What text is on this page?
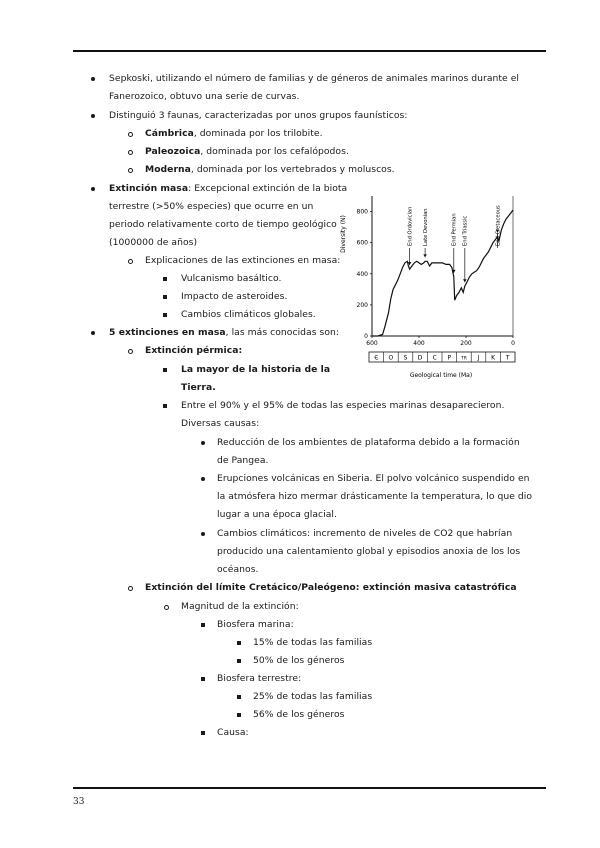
Sepkoski, utilizando el número de familias y de géneros de animales marinos durante el
Fanerozoico, obtuvo una serie de curvas.
Distinguió 3 faunas, caracterizadas por unos grupos faunísticos:
Cámbrica, dominada por los trilobite.
Paleozoica, dominada por los cefalópodos.
Moderna, dominada por los vertebrados y moluscos.
Extinción masa: Excepcional extinción de la biota
terrestre (>50% especies) que ocurre en un
periodo relativamente corto de tiempo geológico
(1000000 de años)
Explicaciones de las extinciones en masa:
Vulcanismo basáltico.
Impacto de asteroides.
Cambios climáticos globales.
5 extinciones en masa, las más conocidas son:
Extinción pérmica:
La mayor de la historia de la
Tierra.
Entre el 90% y el 95% de todas las especies marinas desaparecieron.
Diversas causas:
Reducción de los ambientes de plataforma debido a la formación
de Pangea.
Erupciones volcánicas en Siberia. El polvo volcánico suspendido en
la atmósfera hizo mermar drásticamente la temperatura, lo que dio
lugar a una época glacial.
Cambios climáticos: incremento de niveles de CO2 que habrían
producido una calentamiento global y episodios anoxia de los los
océanos.
Extinción del límite Cretácico/Paleógeno: extinción masiva catastrófica
Magnitud de la extinción:
Biosfera marina:
15% de todas las familias
50% de los géneros
Biosfera terrestre:
25% de todas las familias
56% de los géneros
Causa:
0
200
400
600
800
600	400	200	0
End Ordovician Late Devonian	End Permian End Triassic	End Cretaceous
Є O S D C P TR J K T
Diversity (N)
Geological time (Ma)
33
